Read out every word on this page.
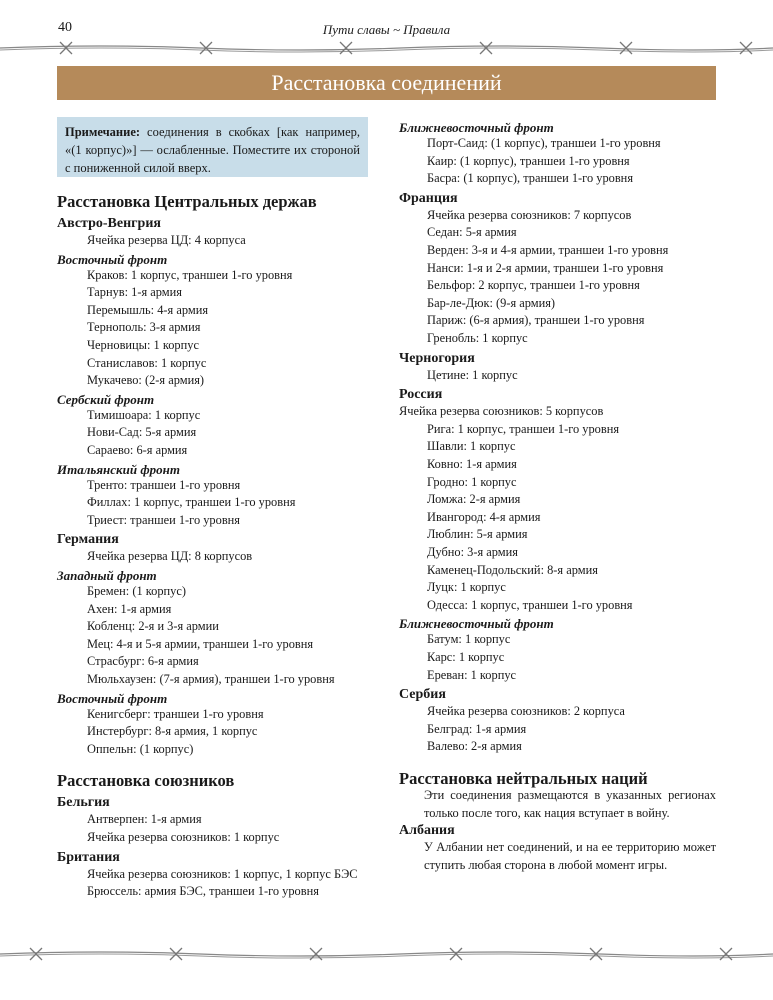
40	Пути славы ~ Правила
Расстановка соединений
Примечание: соединения в скобках [как например, «(1 корпус)»] — ослабленные. Поместите их стороной с пониженной силой вверх.
Расстановка Центральных держав
Австро-Венгрия
Ячейка резерва ЦД: 4 корпуса
Восточный фронт
Краков: 1 корпус, траншеи 1-го уровня
Тарнув: 1-я армия
Перемышль: 4-я армия
Тернополь: 3-я армия
Черновицы: 1 корпус
Станиславов: 1 корпус
Мукачево: (2-я армия)
Сербский фронт
Тимишоара: 1 корпус
Нови-Сад: 5-я армия
Сараево: 6-я армия
Итальянский фронт
Тренто: траншеи 1-го уровня
Филлах: 1 корпус, траншеи 1-го уровня
Триест: траншеи 1-го уровня
Германия
Ячейка резерва ЦД: 8 корпусов
Западный фронт
Бремен: (1 корпус)
Ахен: 1-я армия
Кобленц: 2-я и 3-я армии
Мец: 4-я и 5-я армии, траншеи 1-го уровня
Страсбург: 6-я армия
Мюльхаузен: (7-я армия), траншеи 1-го уровня
Восточный фронт
Кенигсберг: траншеи 1-го уровня
Инстербург: 8-я армия, 1 корпус
Оппельн: (1 корпус)
Расстановка союзников
Бельгия
Антверпен: 1-я армия
Ячейка резерва союзников: 1 корпус
Британия
Ячейка резерва союзников: 1 корпус, 1 корпус БЭС
Брюссель: армия БЭС, траншеи 1-го уровня
Ближневосточный фронт
Порт-Саид: (1 корпус), траншеи 1-го уровня
Каир: (1 корпус), траншеи 1-го уровня
Басра: (1 корпус), траншеи 1-го уровня
Франция
Ячейка резерва союзников: 7 корпусов
Седан: 5-я армия
Верден: 3-я и 4-я армии, траншеи 1-го уровня
Нанси: 1-я и 2-я армии, траншеи 1-го уровня
Бельфор: 2 корпус, траншеи 1-го уровня
Бар-ле-Дюк: (9-я армия)
Париж: (6-я армия), траншеи 1-го уровня
Гренобль: 1 корпус
Черногория
Цетине: 1 корпус
Россия
Ячейка резерва союзников: 5 корпусов
Рига: 1 корпус, траншеи 1-го уровня
Шавли: 1 корпус
Ковно: 1-я армия
Гродно: 1 корпус
Ломжа: 2-я армия
Ивангород: 4-я армия
Люблин: 5-я армия
Дубно: 3-я армия
Каменец-Подольский: 8-я армия
Луцк: 1 корпус
Одесса: 1 корпус, траншеи 1-го уровня
Ближневосточный фронт
Батум: 1 корпус
Карс: 1 корпус
Ереван: 1 корпус
Сербия
Ячейка резерва союзников: 2 корпуса
Белград: 1-я армия
Валево: 2-я армия
Расстановка нейтральных наций
Эти соединения размещаются в указанных регионах только после того, как нация вступает в войну.
Албания
У Албании нет соединений, и на ее территорию может ступить любая сторона в любой момент игры.
